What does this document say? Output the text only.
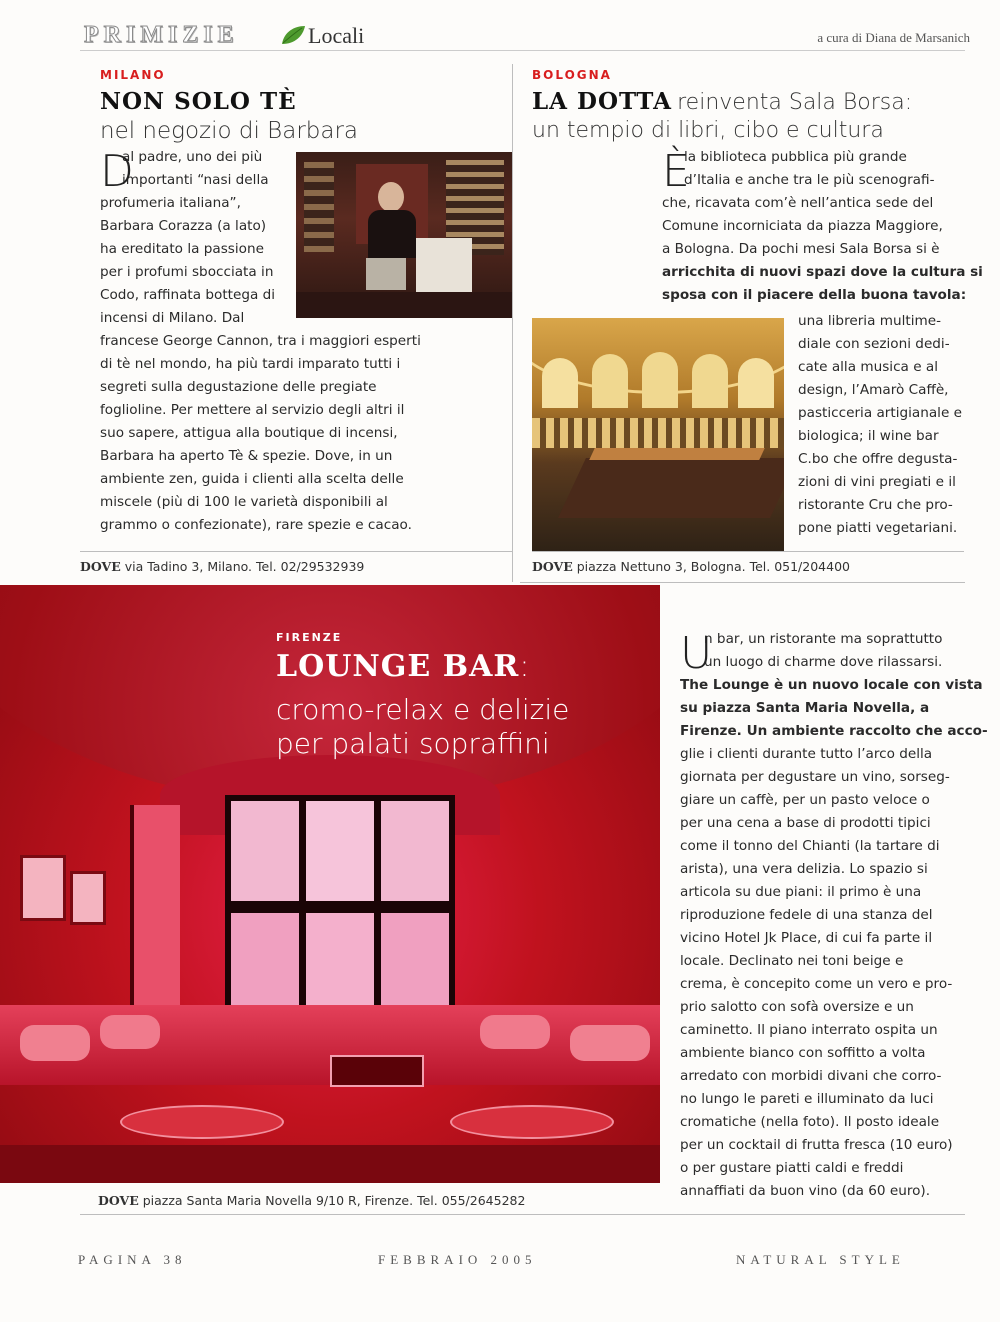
PRIMIZIE	Locali	a cura di Diana de Marsanich
MILANO
NON SOLO TÈ
nel negozio di Barbara
D
al padre, uno dei più
importanti “nasi della
profumeria italiana”,
Barbara Corazza (a lato)
ha ereditato la passione
per i profumi sbocciata in
Codo, raffinata bottega di
incensi di Milano. Dal
francese George Cannon, tra i maggiori esperti
di tè nel mondo, ha più tardi imparato tutti i
segreti sulla degustazione delle pregiate
foglioline. Per mettere al servizio degli altri il
suo sapere, attigua alla boutique di incensi,
Barbara ha aperto Tè & spezie. Dove, in un
ambiente zen, guida i clienti alla scelta delle
miscele (più di 100 le varietà disponibili al
grammo o confezionate), rare spezie e cacao.
DOVE via Tadino 3, Milano. Tel. 02/29532939
BOLOGNA
LA DOTTA reinventa Sala Borsa:
un tempio di libri, cibo e cultura
È
la biblioteca pubblica più grande
d’Italia e anche tra le più scenografi-
che, ricavata com’è nell’antica sede del
Comune incorniciata da piazza Maggiore,
a Bologna. Da pochi mesi Sala Borsa si è
arricchita di nuovi spazi dove la cultura si
sposa con il piacere della buona tavola:
una libreria multime-
diale con sezioni dedi-
cate alla musica e al
design, l’Amarò Caffè,
pasticceria artigianale e
biologica; il wine bar
C.bo che offre degusta-
zioni di vini pregiati e il
ristorante Cru che pro-
pone piatti vegetariani.
DOVE piazza Nettuno 3, Bologna. Tel. 051/204400
FIRENZE
LOUNGE BAR:
cromo-relax e delizie
per palati sopraffini
U
n bar, un ristorante ma soprattutto
un luogo di charme dove rilassarsi.
The Lounge è un nuovo locale con vista
su piazza Santa Maria Novella, a
Firenze. Un ambiente raccolto che acco-
glie i clienti durante tutto l’arco della
giornata per degustare un vino, sorseg-
giare un caffè, per un pasto veloce o
per una cena a base di prodotti tipici
come il tonno del Chianti (la tartare di
arista), una vera delizia. Lo spazio si
articola su due piani: il primo è una
riproduzione fedele di una stanza del
vicino Hotel Jk Place, di cui fa parte il
locale. Declinato nei toni beige e
crema, è concepito come un vero e pro-
prio salotto con sofà oversize e un
caminetto. Il piano interrato ospita un
ambiente bianco con soffitto a volta
arredato con morbidi divani che corro-
no lungo le pareti e illuminato da luci
cromatiche (nella foto). Il posto ideale
per un cocktail di frutta fresca (10 euro)
o per gustare piatti caldi e freddi
annaffiati da buon vino (da 60 euro).
DOVE piazza Santa Maria Novella 9/10 R, Firenze. Tel. 055/2645282
PAGINA 38	FEBBRAIO 2005	NATURAL STYLE
